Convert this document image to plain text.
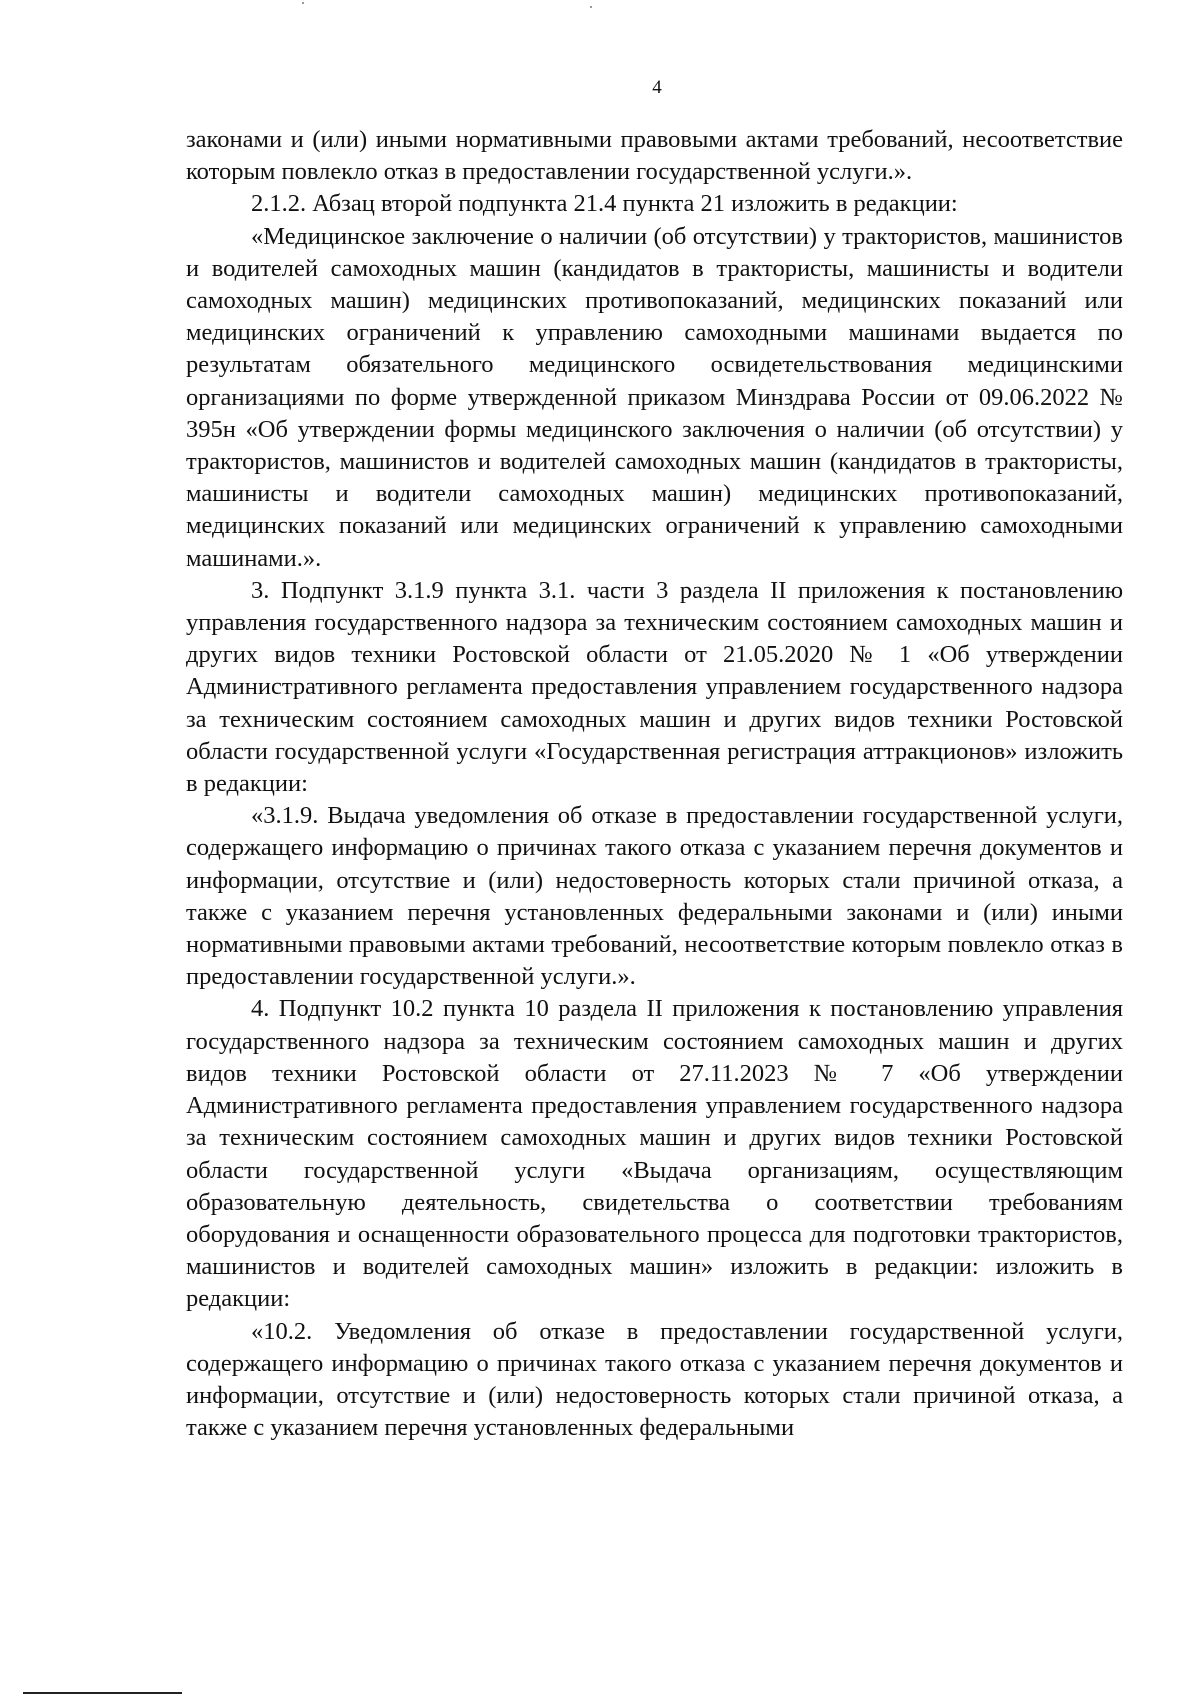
4

законами и (или) иными нормативными правовыми актами требований, несоответствие которым повлекло отказ в предоставлении государственной услуги.».

2.1.2. Абзац второй подпункта 21.4 пункта 21 изложить в редакции:

«Медицинское заключение о наличии (об отсутствии) у трактористов, машинистов и водителей самоходных машин (кандидатов в трактористы, машинисты и водители самоходных машин) медицинских противопоказаний, медицинских показаний или медицинских ограничений к управлению самоходными машинами выдается по результатам обязательного медицинского освидетельствования медицинскими организациями по форме утвержденной приказом Минздрава России от 09.06.2022 № 395н «Об утверждении формы медицинского заключения о наличии (об отсутствии) у трактористов, машинистов и водителей самоходных машин (кандидатов в трактористы, машинисты и водители самоходных машин) медицинских противопоказаний, медицинских показаний или медицинских ограничений к управлению самоходными машинами.».

3. Подпункт 3.1.9 пункта 3.1. части 3 раздела II приложения к постановлению управления государственного надзора за техническим состоянием самоходных машин и других видов техники Ростовской области от 21.05.2020 № 1 «Об утверждении Административного регламента предоставления управлением государственного надзора за техническим состоянием самоходных машин и других видов техники Ростовской области государственной услуги «Государственная регистрация аттракционов» изложить в редакции:

«3.1.9. Выдача уведомления об отказе в предоставлении государственной услуги, содержащего информацию о причинах такого отказа с указанием перечня документов и информации, отсутствие и (или) недостоверность которых стали причиной отказа, а также с указанием перечня установленных федеральными законами и (или) иными нормативными правовыми актами требований, несоответствие которым повлекло отказ в предоставлении государственной услуги.».

4. Подпункт 10.2 пункта 10 раздела II приложения к постановлению управления государственного надзора за техническим состоянием самоходных машин и других видов техники Ростовской области от 27.11.2023 № 7 «Об утверждении Административного регламента предоставления управлением государственного надзора за техническим состоянием самоходных машин и других видов техники Ростовской области государственной услуги «Выдача организациям, осуществляющим образовательную деятельность, свидетельства о соответствии требованиям оборудования и оснащенности образовательного процесса для подготовки трактористов, машинистов и водителей самоходных машин» изложить в редакции: изложить в редакции:

«10.2. Уведомления об отказе в предоставлении государственной услуги, содержащего информацию о причинах такого отказа с указанием перечня документов и информации, отсутствие и (или) недостоверность которых стали причиной отказа, а также с указанием перечня установленных федеральными
